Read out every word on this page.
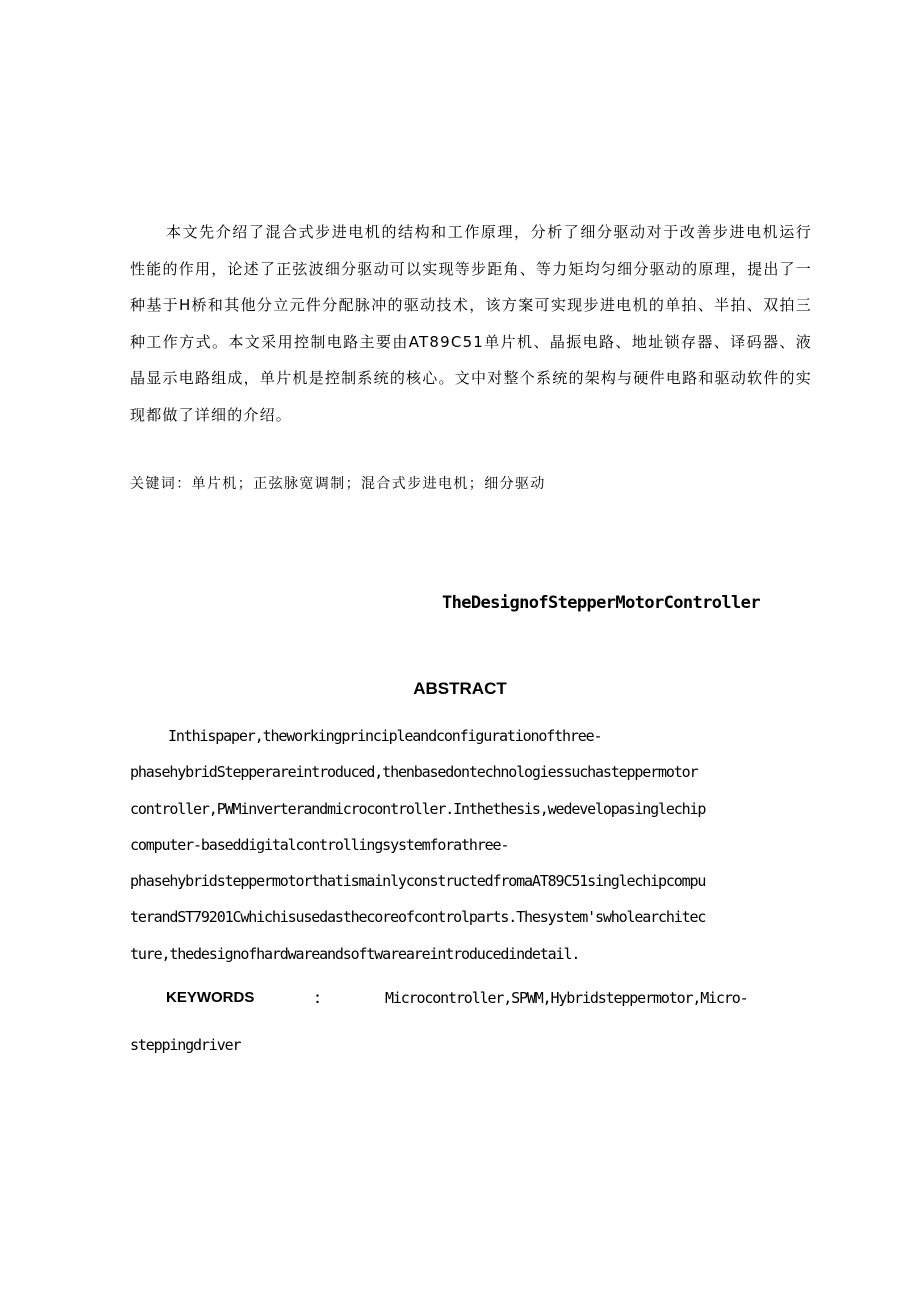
本文先介绍了混合式步进电机的结构和工作原理，分析了细分驱动对于改善步进电机运行性能的作用，论述了正弦波细分驱动可以实现等步距角、等力矩均匀细分驱动的原理，提出了一种基于H桥和其他分立元件分配脉冲的驱动技术，该方案可实现步进电机的单拍、半拍、双拍三种工作方式。本文采用控制电路主要由AT89C51单片机、晶振电路、地址锁存器、译码器、液晶显示电路组成，单片机是控制系统的核心。文中对整个系统的架构与硬件电路和驱动软件的实现都做了详细的介绍。

关键词：单片机；正弦脉宽调制；混合式步进电机；细分驱动

TheDesignofStepperMotorController
ABSTRACT
Inthispaper,theworkingprincipleandconfigurationofthree-
phasehybridStepperareintroduced,thenbasedontechnologiessuchasteppermotor
controller,PWMinverterandmicrocontroller.Inthethesis,wedevelopasinglechip
computer-baseddigitalcontrollingsystemforathree-
phasehybridsteppermotorthatismainlyconstructedfromaAT89C51singlechipcompu
terandST79201Cwhichisusedasthecoreofcontrolparts.Thesystem'swholearchitec
ture,thedesignofhardwareandsoftwareareintroducedindetail.
KEYWORDS	：	Microcontroller,SPWM,Hybridsteppermotor,Micro-
steppingdriver
